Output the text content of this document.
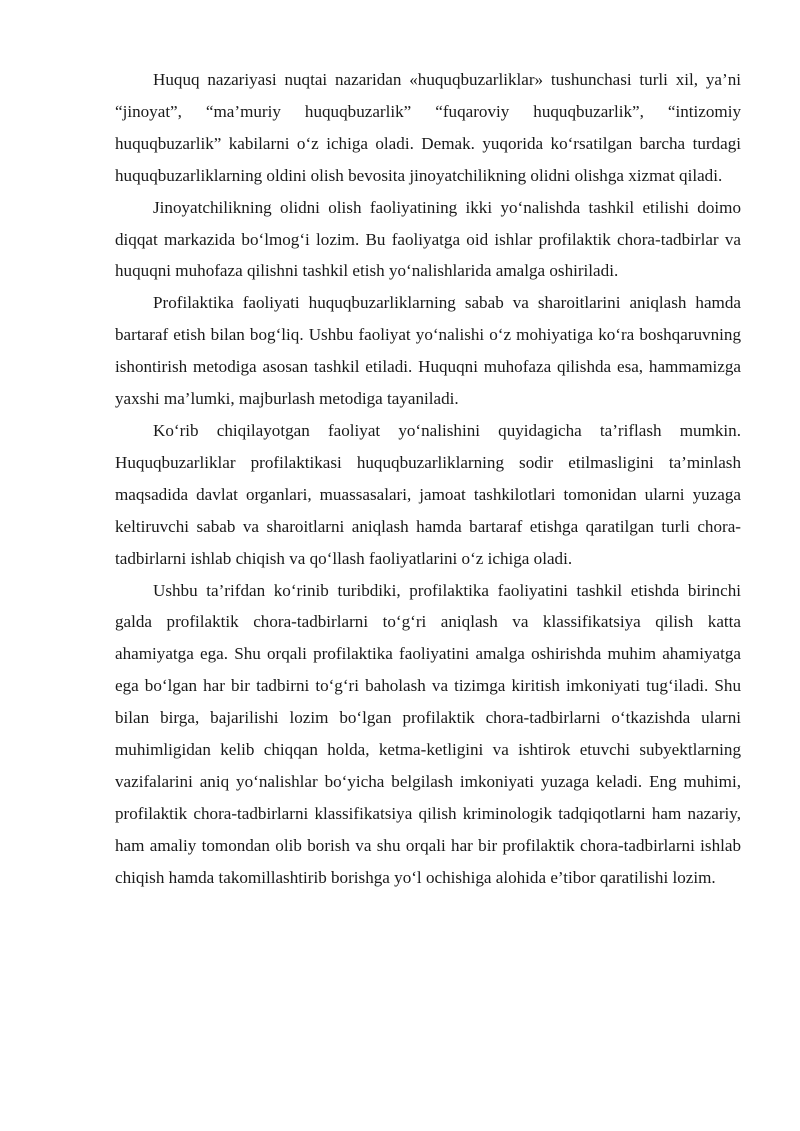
Huquq nazariyasi nuqtai nazaridan «huquqbuzarliklar» tushunchasi turli xil, ya’ni “jinoyat”, “ma’muriy huquqbuzarlik” “fuqaroviy huquqbuzarlik”, “intizomiy huquqbuzarlik” kabilarni o‘z ichiga oladi. Demak. yuqorida ko‘rsatilgan barcha turdagi huquqbuzarliklarning oldini olish bevosita jinoyatchilikning olidni olishga xizmat qiladi.

Jinoyatchilikning olidni olish faoliyatining ikki yo‘nalishda tashkil etilishi doimo diqqat markazida bo‘lmog‘i lozim. Bu faoliyatga oid ishlar profilaktik chora-tadbirlar va huquqni muhofaza qilishni tashkil etish yo‘nalishlarida amalga oshiriladi.

Profilaktika faoliyati huquqbuzarliklarning sabab va sharoitlarini aniqlash hamda bartaraf etish bilan bog‘liq. Ushbu faoliyat yo‘nalishi o‘z mohiyatiga ko‘ra boshqaruvning ishontirish metodiga asosan tashkil etiladi. Huquqni muhofaza qilishda esa, hammamizga yaxshi ma’lumki, majburlash metodiga tayaniladi.

Ko‘rib chiqilayotgan faoliyat yo‘nalishini quyidagicha ta’riflash mumkin. Huquqbuzarliklar profilaktikasi huquqbuzarliklarning sodir etilmasligini ta’minlash maqsadida davlat organlari, muassasalari, jamoat tashkilotlari tomonidan ularni yuzaga keltiruvchi sabab va sharoitlarni aniqlash hamda bartaraf etishga qaratilgan turli chora-tadbirlarni ishlab chiqish va qo‘llash faoliyatlarini o‘z ichiga oladi.

Ushbu ta’rifdan ko‘rinib turibdiki, profilaktika faoliyatini tashkil etishda birinchi galda profilaktik chora-tadbirlarni to‘g‘ri aniqlash va klassifikatsiya qilish katta ahamiyatga ega. Shu orqali profilaktika faoliyatini amalga oshirishda muhim ahamiyatga ega bo‘lgan har bir tadbirni to‘g‘ri baholash va tizimga kiritish imkoniyati tug‘iladi. Shu bilan birga, bajarilishi lozim bo‘lgan profilaktik chora-tadbirlarni o‘tkazishda ularni muhimligidan kelib chiqqan holda, ketma-ketligini va ishtirok etuvchi subyektlarning vazifalarini aniq yo‘nalishlar bo‘yicha belgilash imkoniyati yuzaga keladi. Eng muhimi, profilaktik chora-tadbirlarni klassifikatsiya qilish kriminologik tadqiqotlarni ham nazariy, ham amaliy tomondan olib borish va shu orqali har bir profilaktik chora-tadbirlarni ishlab chiqish hamda takomillashtirib borishga yo‘l ochishiga alohida e’tibor qaratilishi lozim.
